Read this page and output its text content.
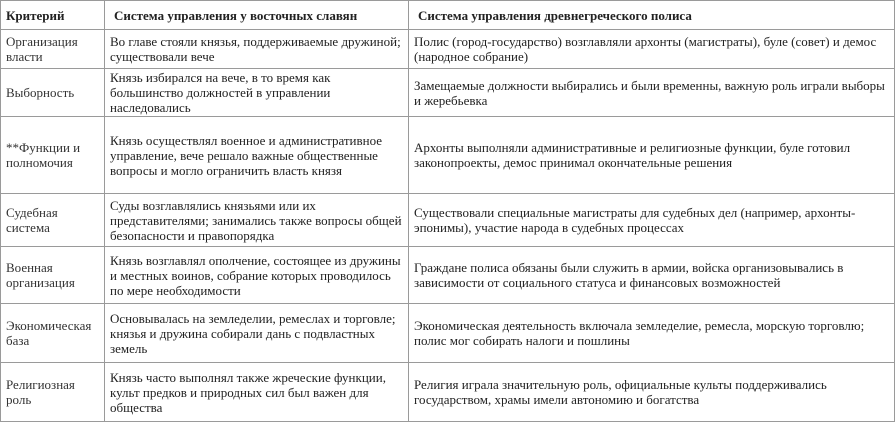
Критерий	Система управления у восточных славян	Система управления древнегреческого полиса
Организация власти	Во главе стояли князья, поддерживаемые дружиной; существовали вече	Полис (город-государство) возглавляли архонты (магистраты), буле (совет) и демос (народное собрание)
Выборность	Князь избирался на вече, в то время как большинство должностей в управлении наследовались	Замещаемые должности выбирались и были временны, важную роль играли выборы и жеребьевка
**Функции и полномочия	Князь осуществлял военное и административное управление, вече решало важные общественные вопросы и могло ограничить власть князя	Архонты выполняли административные и религиозные функции, буле готовил законопроекты, демос принимал окончательные решения
Судебная система	Суды возглавлялись князьями или их представителями; занимались также вопросы общей безопасности и правопорядка	Существовали специальные магистраты для судебных дел (например, архонты-эпонимы), участие народа в судебных процессах
Военная организация	Князь возглавлял ополчение, состоящее из дружины и местных воинов, собрание которых проводилось по мере необходимости	Граждане полиса обязаны были служить в армии, войска организовывались в зависимости от социального статуса и финансовых возможностей
Экономическая база	Основывалась на земледелии, ремеслах и торговле; князья и дружина собирали дань с подвластных земель	Экономическая деятельность включала земледелие, ремесла, морскую торговлю; полис мог собирать налоги и пошлины
Религиозная роль	Князь часто выполнял также жреческие функции, культ предков и природных сил был важен для общества	Религия играла значительную роль, официальные культы поддерживались государством, храмы имели автономию и богатства
